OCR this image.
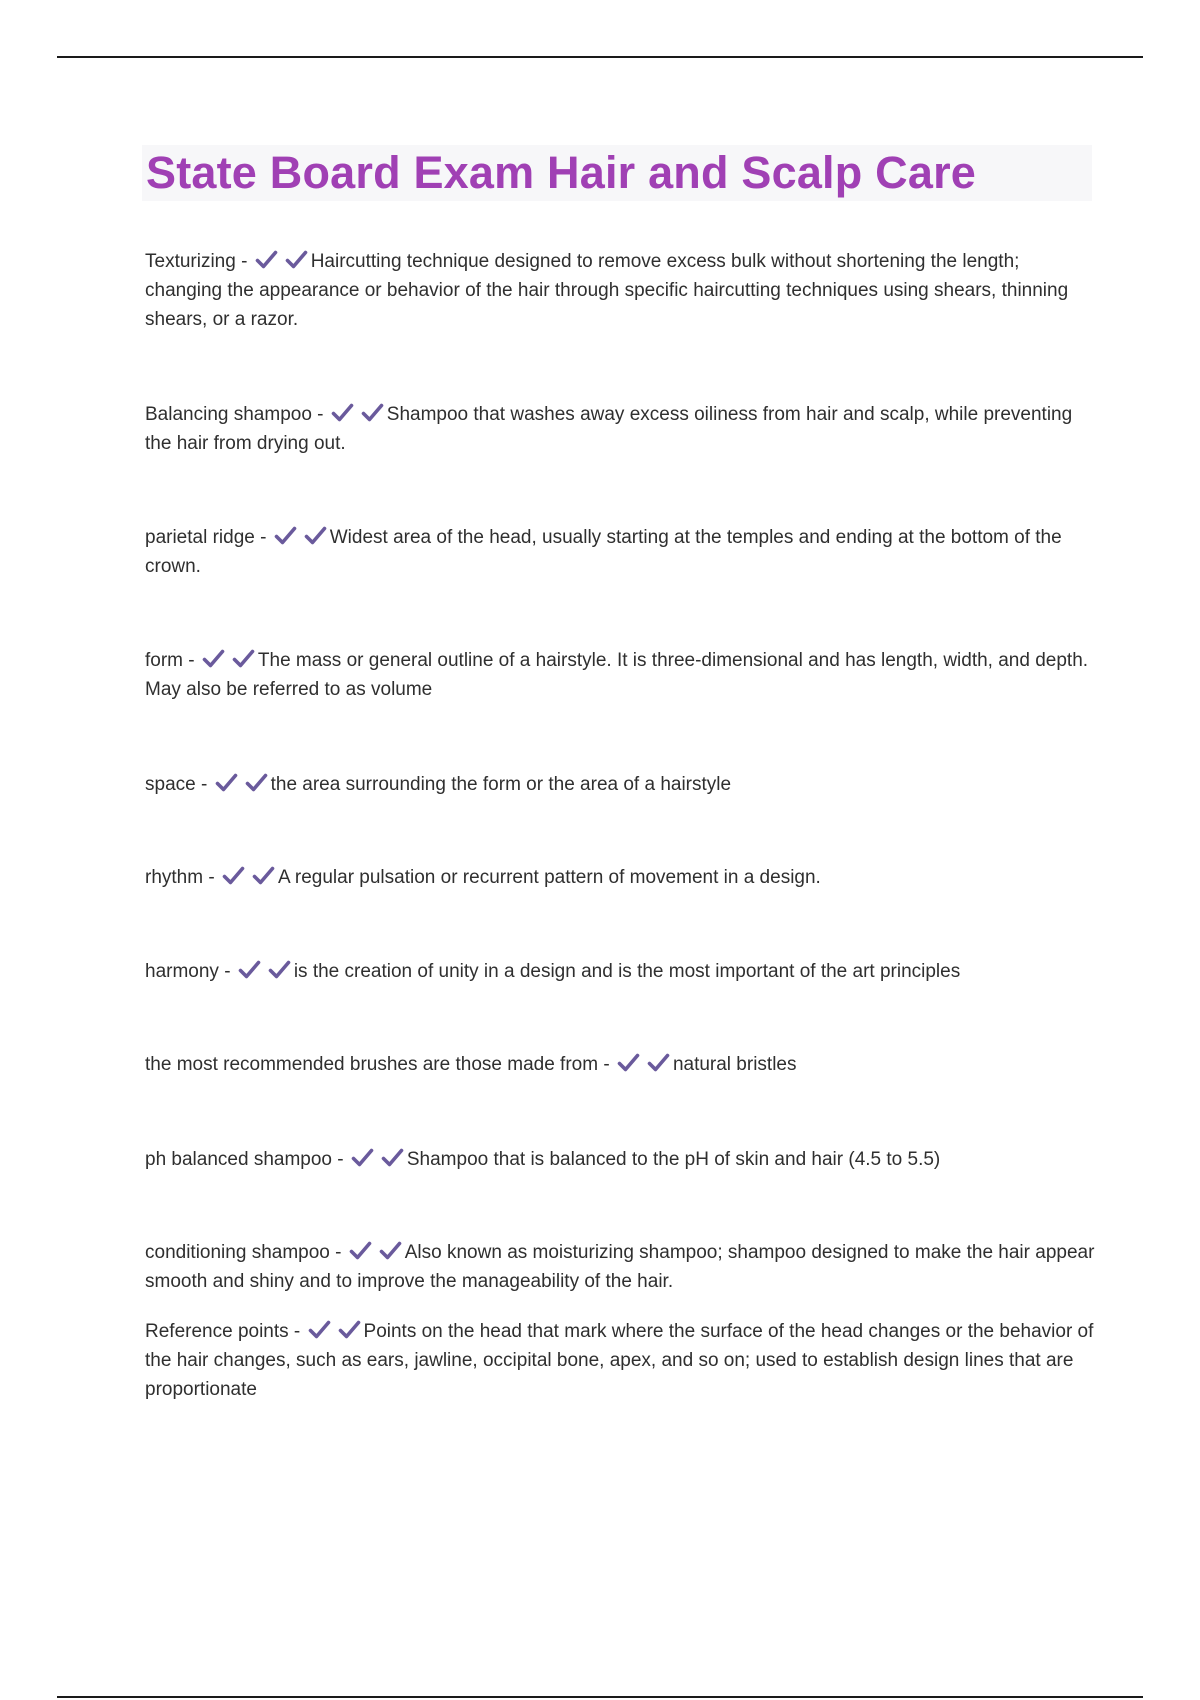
State Board Exam Hair and Scalp Care
Texturizing -	Haircutting technique designed to remove excess bulk without shortening the length; changing the appearance or behavior of the hair through specific haircutting techniques using shears, thinning shears, or a razor.
Balancing shampoo -	Shampoo that washes away excess oiliness from hair and scalp, while preventing the hair from drying out.
parietal ridge -	Widest area of the head, usually starting at the temples and ending at the bottom of the crown.
form -	The mass or general outline of a hairstyle. It is three-dimensional and has length, width, and depth. May also be referred to as volume
space -	the area surrounding the form or the area of a hairstyle
rhythm -	A regular pulsation or recurrent pattern of movement in a design.
harmony -	is the creation of unity in a design and is the most important of the art principles
the most recommended brushes are those made from -	natural bristles
ph balanced shampoo -	Shampoo that is balanced to the pH of skin and hair (4.5 to 5.5)
conditioning shampoo -	Also known as moisturizing shampoo; shampoo designed to make the hair appear smooth and shiny and to improve the manageability of the hair.
Reference points -	Points on the head that mark where the surface of the head changes or the behavior of the hair changes, such as ears, jawline, occipital bone, apex, and so on; used to establish design lines that are proportionate
